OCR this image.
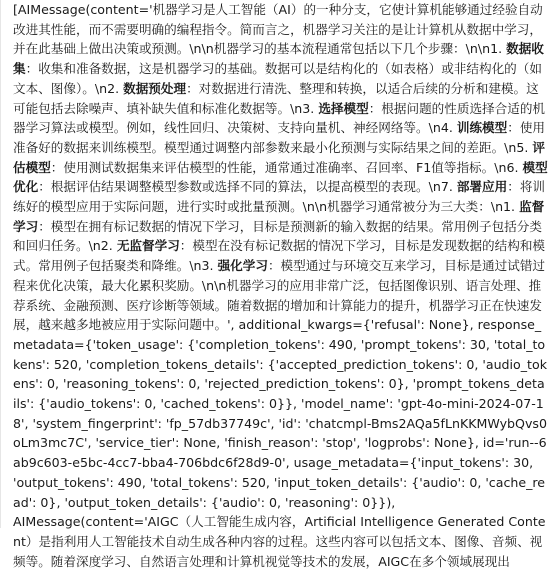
[AIMessage(content='机器学习是人工智能（AI）的一种分支，它使计算机能够通过经验自动改进其性能，而不需要明确的编程指令。简而言之，机器学习关注的是让计算机从数据中学习，并在此基础上做出决策或预测。\n\n机器学习的基本流程通常包括以下几个步骤：\n\n1. 数据收集：收集和准备数据，这是机器学习的基础。数据可以是结构化的（如表格）或非结构化的（如文本、图像）。\n2. 数据预处理：对数据进行清洗、整理和转换，以适合后续的分析和建模。这可能包括去除噪声、填补缺失值和标准化数据等。\n3. 选择模型：根据问题的性质选择合适的机器学习算法或模型。例如，线性回归、决策树、支持向量机、神经网络等。\n4. 训练模型：使用准备好的数据来训练模型。模型通过调整内部参数来最小化预测与实际结果之间的差距。\n5. 评估模型：使用测试数据集来评估模型的性能，通常通过准确率、召回率、F1值等指标。\n6. 模型优化：根据评估结果调整模型参数或选择不同的算法，以提高模型的表现。\n7. 部署应用：将训练好的模型应用于实际问题，进行实时或批量预测。\n\n机器学习通常被分为三大类：\n1. 监督学习：模型在拥有标记数据的情况下学习，目标是预测新的输入数据的结果。常用例子包括分类和回归任务。\n2. 无监督学习：模型在没有标记数据的情况下学习，目标是发现数据的结构和模式。常用例子包括聚类和降维。\n3. 强化学习：模型通过与环境交互来学习，目标是通过试错过程来优化决策，最大化累积奖励。\n\n机器学习的应用非常广泛，包括图像识别、语言处理、推荐系统、金融预测、医疗诊断等领域。随着数据的增加和计算能力的提升，机器学习正在快速发展，越来越多地被应用于实际问题中。', additional_kwargs={'refusal': None}, response_metadata={'token_usage': {'completion_tokens': 490, 'prompt_tokens': 30, 'total_tokens': 520, 'completion_tokens_details': {'accepted_prediction_tokens': 0, 'audio_tokens': 0, 'reasoning_tokens': 0, 'rejected_prediction_tokens': 0}, 'prompt_tokens_details': {'audio_tokens': 0, 'cached_tokens': 0}}, 'model_name': 'gpt-4o-mini-2024-07-18', 'system_fingerprint': 'fp_57db37749c', 'id': 'chatcmpl-Bms2AQa5fLnKKMWybQvs0oLm3mc7C', 'service_tier': None, 'finish_reason': 'stop', 'logprobs': None}, id='run--6ab9c603-e5bc-4cc7-bba4-706bdc6f28d9-0', usage_metadata={'input_tokens': 30, 'output_tokens': 490, 'total_tokens': 520, 'input_token_details': {'audio': 0, 'cache_read': 0}, 'output_token_details': {'audio': 0, 'reasoning': 0}}),
AIMessage(content='AIGC（人工智能生成内容，Artificial Intelligence Generated Content）是指利用人工智能技术自动生成各种内容的过程。这些内容可以包括文本、图像、音频、视频等。随着深度学习、自然语言处理和计算机视觉等技术的发展，AIGC在多个领域展现出
